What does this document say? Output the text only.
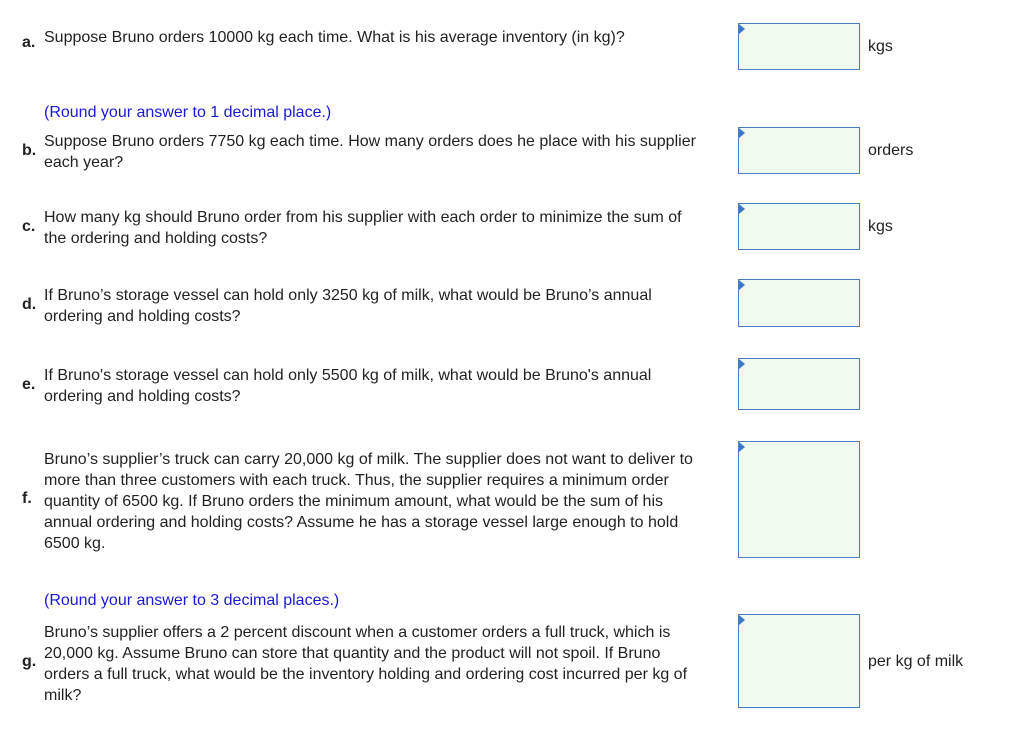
a. Suppose Bruno orders 10000 kg each time. What is his average inventory (in kg)?
kgs
(Round your answer to 1 decimal place.)
b.
Suppose Bruno orders 7750 kg each time. How many orders does he place with his supplier each year?
orders
c.
How many kg should Bruno order from his supplier with each order to minimize the sum of the ordering and holding costs?
kgs
d.
If Bruno’s storage vessel can hold only 3250 kg of milk, what would be Bruno’s annual ordering and holding costs?
e.
If Bruno's storage vessel can hold only 5500 kg of milk, what would be Bruno's annual ordering and holding costs?
f.
Bruno’s supplier’s truck can carry 20,000 kg of milk. The supplier does not want to deliver to more than three customers with each truck. Thus, the supplier requires a minimum order quantity of 6500 kg. If Bruno orders the minimum amount, what would be the sum of his annual ordering and holding costs? Assume he has a storage vessel large enough to hold 6500 kg.
(Round your answer to 3 decimal places.)
g.
Bruno’s supplier offers a 2 percent discount when a customer orders a full truck, which is 20,000 kg. Assume Bruno can store that quantity and the product will not spoil. If Bruno orders a full truck, what would be the inventory holding and ordering cost incurred per kg of milk?
per kg of milk
